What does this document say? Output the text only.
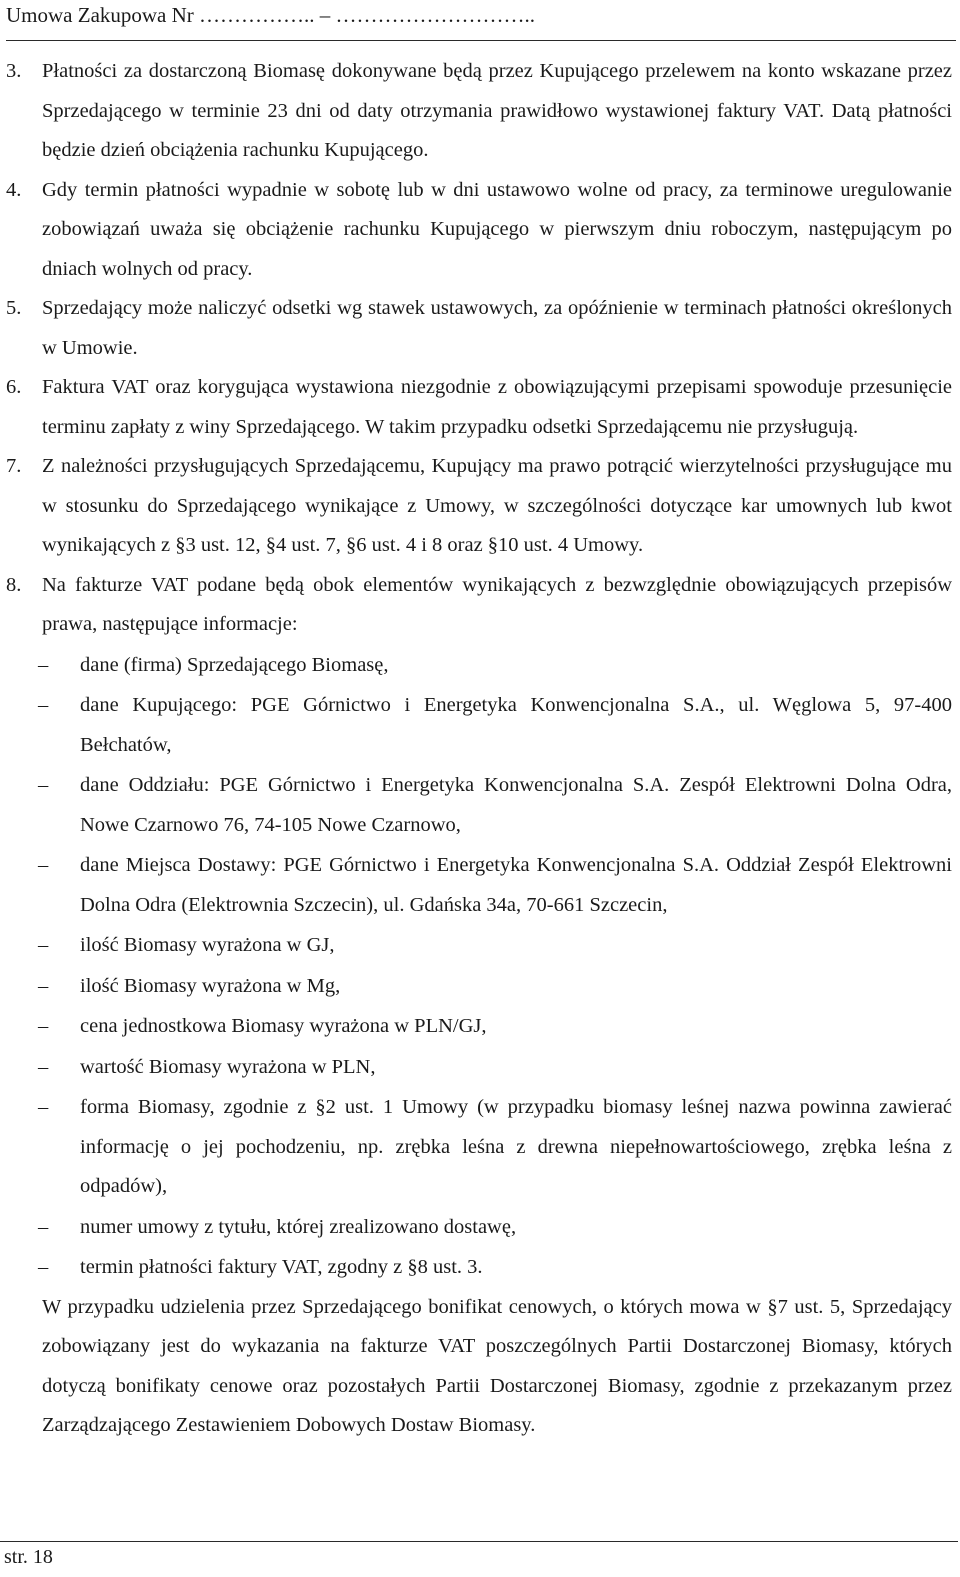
Umowa Zakupowa Nr …………….. – ………………………..
3. Płatności za dostarczoną Biomasę dokonywane będą przez Kupującego przelewem na konto wskazane przez Sprzedającego w terminie 23 dni od daty otrzymania prawidłowo wystawionej faktury VAT. Datą płatności będzie dzień obciążenia rachunku Kupującego.
4. Gdy termin płatności wypadnie w sobotę lub w dni ustawowo wolne od pracy, za terminowe uregulowanie zobowiązań uważa się obciążenie rachunku Kupującego w pierwszym dniu roboczym, następującym po dniach wolnych od pracy.
5. Sprzedający może naliczyć odsetki wg stawek ustawowych, za opóźnienie w terminach płatności określonych w Umowie.
6. Faktura VAT oraz korygująca wystawiona niezgodnie z obowiązującymi przepisami spowoduje przesunięcie terminu zapłaty z winy Sprzedającego. W takim przypadku odsetki Sprzedającemu nie przysługują.
7. Z należności przysługujących Sprzedającemu, Kupujący ma prawo potrącić wierzytelności przysługujące mu w stosunku do Sprzedającego wynikające z Umowy, w szczególności dotyczące kar umownych lub kwot wynikających z §3 ust. 12, §4 ust. 7, §6 ust. 4 i 8 oraz §10 ust. 4 Umowy.
8. Na fakturze VAT podane będą obok elementów wynikających z bezwzględnie obowiązujących przepisów prawa, następujące informacje:
– dane (firma) Sprzedającego Biomasę,
– dane Kupującego: PGE Górnictwo i Energetyka Konwencjonalna S.A., ul. Węglowa 5, 97-400 Bełchatów,
– dane Oddziału: PGE Górnictwo i Energetyka Konwencjonalna S.A. Zespół Elektrowni Dolna Odra, Nowe Czarnowo 76, 74-105 Nowe Czarnowo,
– dane Miejsca Dostawy: PGE Górnictwo i Energetyka Konwencjonalna S.A. Oddział Zespół Elektrowni Dolna Odra (Elektrownia Szczecin), ul. Gdańska 34a, 70-661 Szczecin,
– ilość Biomasy wyrażona w GJ,
– ilość Biomasy wyrażona w Mg,
– cena jednostkowa Biomasy wyrażona w PLN/GJ,
– wartość Biomasy wyrażona w PLN,
– forma Biomasy, zgodnie z §2 ust. 1 Umowy (w przypadku biomasy leśnej nazwa powinna zawierać informację o jej pochodzeniu, np. zrębka leśna z drewna niepełnowartościowego, zrębka leśna z odpadów),
– numer umowy z tytułu, której zrealizowano dostawę,
– termin płatności faktury VAT, zgodny z §8 ust. 3.
W przypadku udzielenia przez Sprzedającego bonifikat cenowych, o których mowa w §7 ust. 5, Sprzedający zobowiązany jest do wykazania na fakturze VAT poszczególnych Partii Dostarczonej Biomasy, których dotyczą bonifikaty cenowe oraz pozostałych Partii Dostarczonej Biomasy, zgodnie z przekazanym przez Zarządzającego Zestawieniem Dobowych Dostaw Biomasy.
str. 18
